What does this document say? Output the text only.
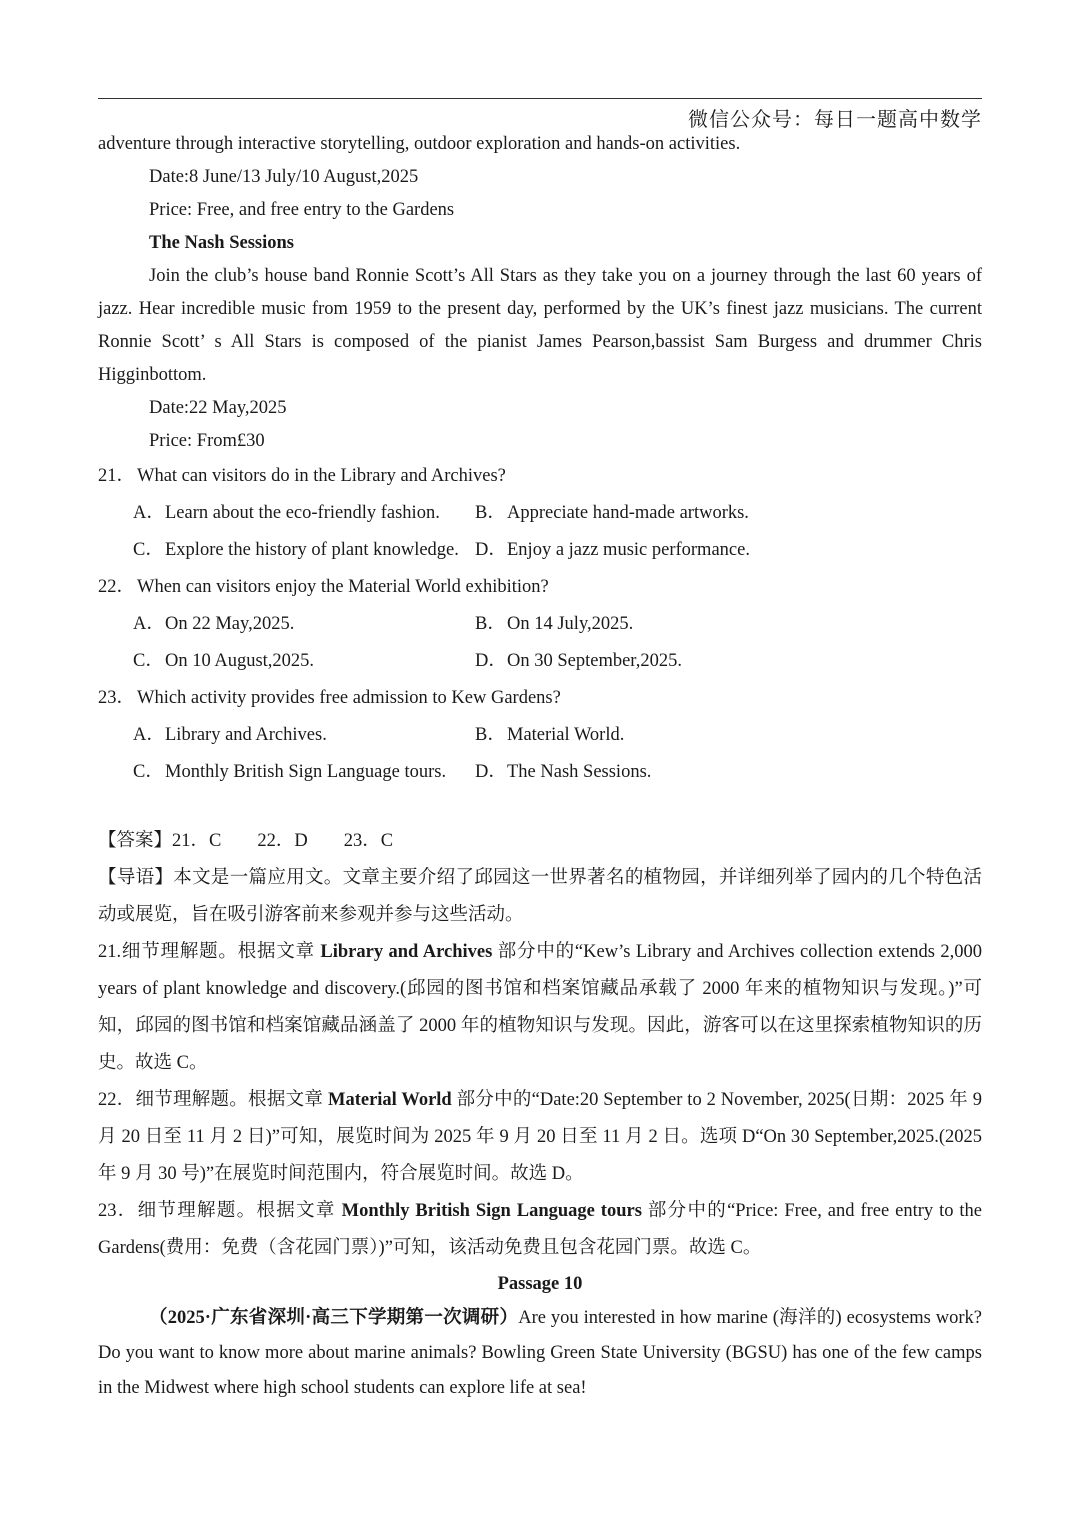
微信公众号：每日一题高中数学

adventure through interactive storytelling, outdoor exploration and hands-on activities.

Date:8 June/13 July/10 August,2025

Price: Free, and free entry to the Gardens

The Nash Sessions

Join the club’s house band Ronnie Scott’s All Stars as they take you on a journey through the last 60 years of jazz. Hear incredible music from 1959 to the present day, performed by the UK’s finest jazz musicians. The current Ronnie Scott’ s All Stars is composed of the pianist James Pearson,bassist Sam Burgess and drummer Chris Higginbottom.

Date:22 May,2025

Price: From£30

21． What can visitors do in the Library and Archives?

A．Learn about the eco-friendly fashion.	B．Appreciate hand-made artworks.
C．Explore the history of plant knowledge. D．Enjoy a jazz music performance.

22． When can visitors enjoy the Material World exhibition?

A．On 22 May,2025.	B．On 14 July,2025.
C．On 10 August,2025.	D．On 30 September,2025.

23． Which activity provides free admission to Kew Gardens?

A．Library and Archives.	B．Material World.
C．Monthly British Sign Language tours.	D．The Nash Sessions.

【答案】21．C 22．D 23．C

【导语】本文是一篇应用文。文章主要介绍了邱园这一世界著名的植物园，并详细列举了园内的几个特色活动或展览，旨在吸引游客前来参观并参与这些活动。

21.细节理解题。根据文章 Library and Archives 部分中的“Kew’s Library and Archives collection extends 2,000 years of plant knowledge and discovery.(邱园的图书馆和档案馆藏品承载了 2000 年来的植物知识与发现。)”可知，邱园的图书馆和档案馆藏品涵盖了 2000 年的植物知识与发现。因此，游客可以在这里探索植物知识的历史。故选 C。

22．细节理解题。根据文章 Material World 部分中的“Date:20 September to 2 November, 2025(日期：2025 年 9 月 20 日至 11 月 2 日)”可知，展览时间为 2025 年 9 月 20 日至 11 月 2 日。选项 D“On 30 September,2025.(2025 年 9 月 30 号)”在展览时间范围内，符合展览时间。故选 D。

23．细节理解题。根据文章 Monthly British Sign Language tours 部分中的“Price: Free, and free entry to the Gardens(费用：免费（含花园门票）)”可知，该活动免费且包含花园门票。故选 C。

Passage 10

（2025·广东省深圳·高三下学期第一次调研）Are you interested in how marine (海洋的) ecosystems work? Do you want to know more about marine animals? Bowling Green State University (BGSU) has one of the few camps in the Midwest where high school students can explore life at sea!
